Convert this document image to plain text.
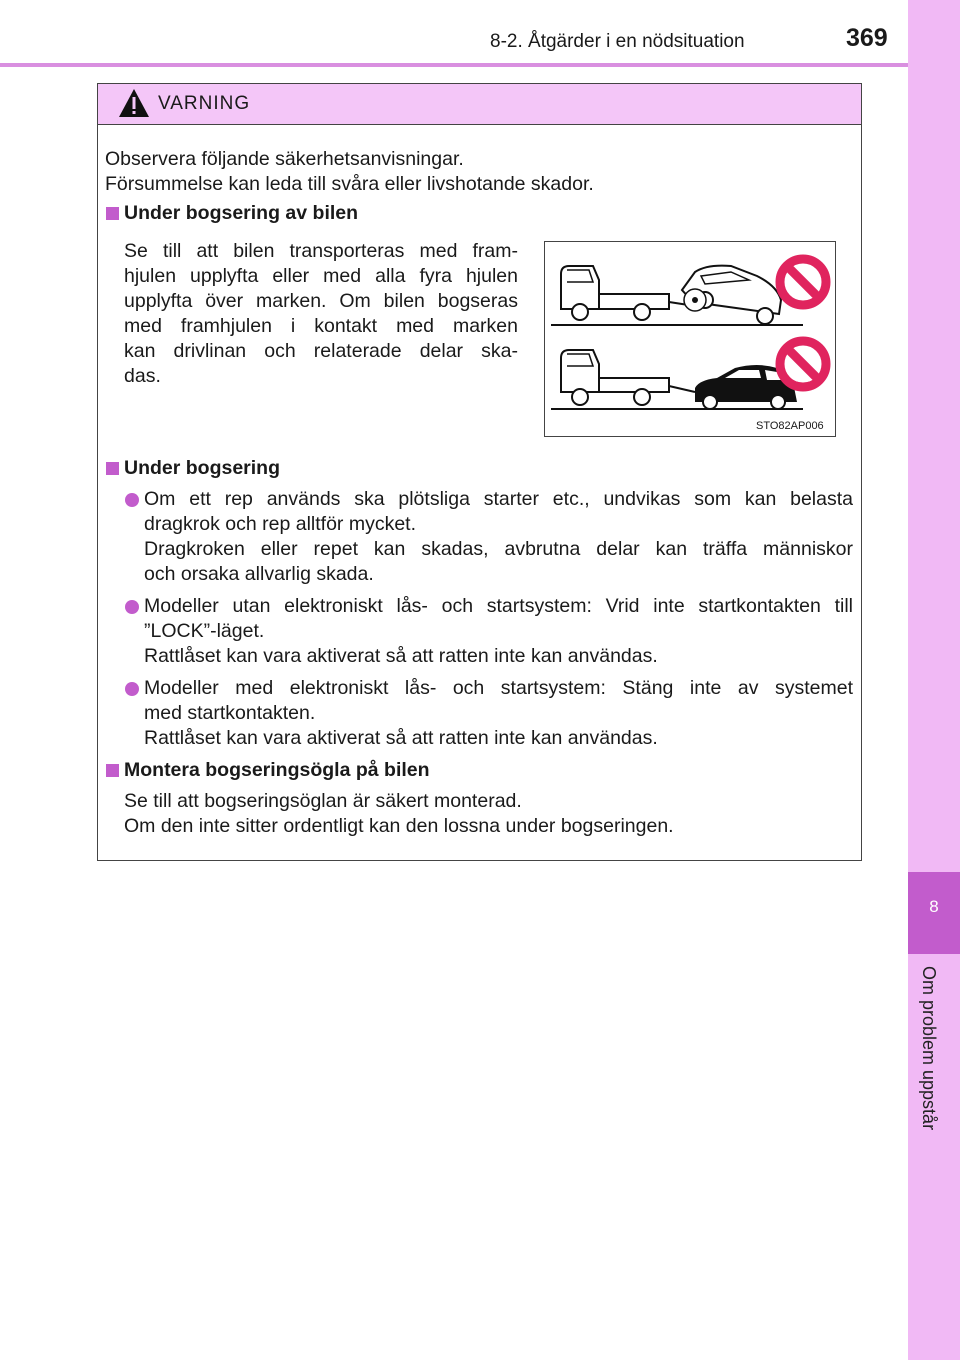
8-2. Åtgärder i en nödsituation	369
8
Om problem uppstår
VARNING
Observera följande säkerhetsanvisningar.
Försummelse kan leda till svåra eller livshotande skador.
Under bogsering av bilen
Se till att bilen transporteras med fram-
hjulen upplyfta eller med alla fyra hjulen
upplyfta över marken. Om bilen bogseras
med framhjulen i kontakt med marken
kan drivlinan och relaterade delar ska-
das.
Under bogsering
Om ett rep används ska plötsliga starter etc., undvikas som kan belasta
dragkrok och rep alltför mycket.
Dragkroken eller repet kan skadas, avbrutna delar kan träffa människor
och orsaka allvarlig skada.
Modeller utan elektroniskt lås- och startsystem: Vrid inte startkontakten till
”LOCK”-läget.
Rattlåset kan vara aktiverat så att ratten inte kan användas.
Modeller med elektroniskt lås- och startsystem: Stäng inte av systemet
med startkontakten.
Rattlåset kan vara aktiverat så att ratten inte kan användas.
Montera bogseringsögla på bilen
Se till att bogseringsöglan är säkert monterad.
Om den inte sitter ordentligt kan den lossna under bogseringen.
STO82AP006
